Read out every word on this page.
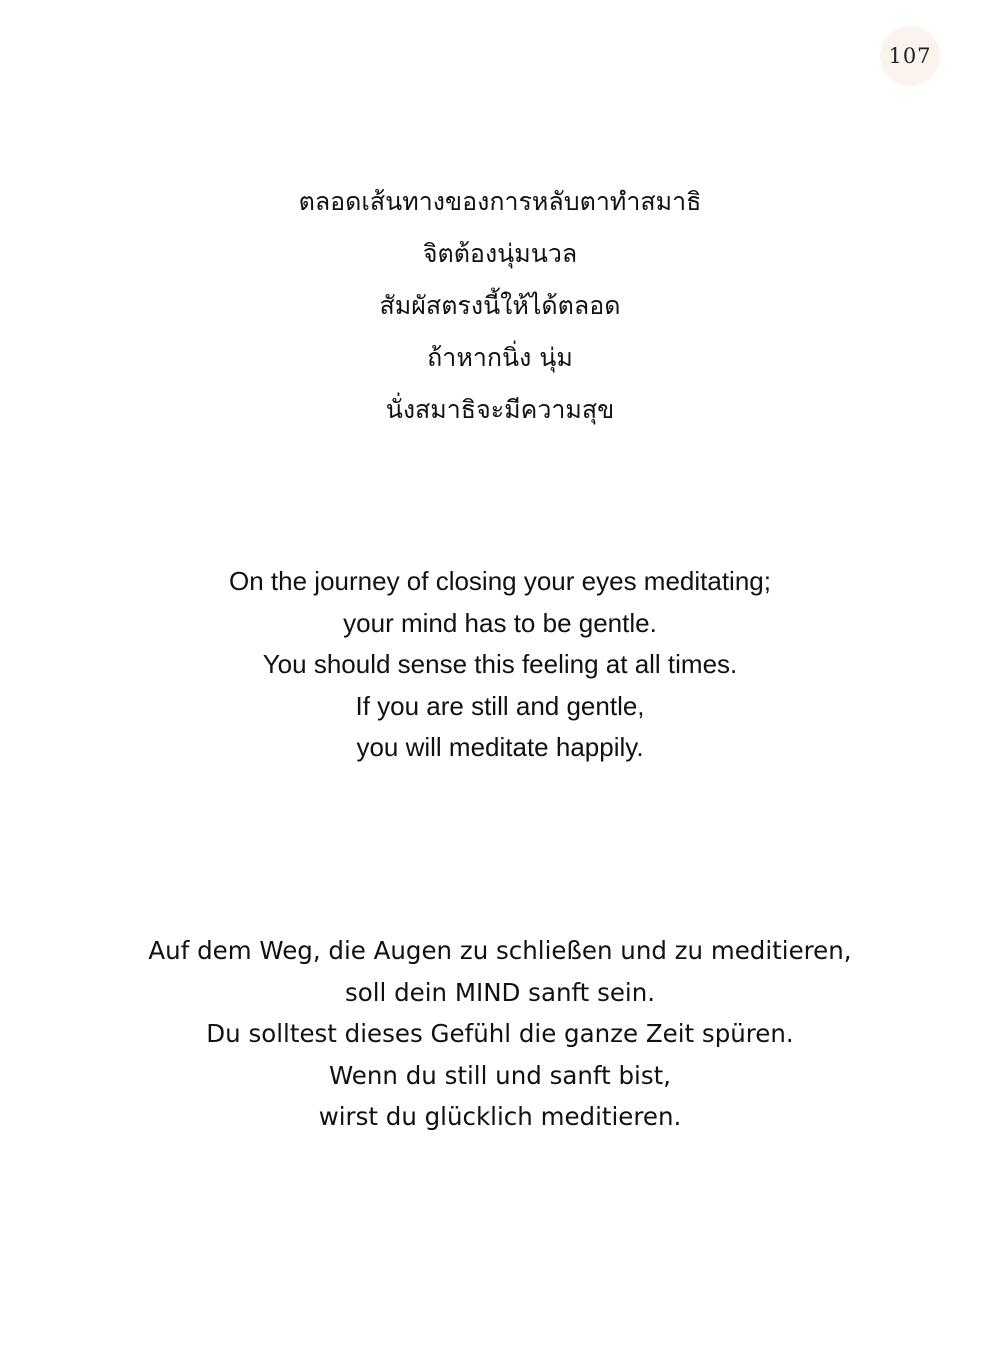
107

ตลอดเส้นทางของการหลับตาทำสมาธิ

จิตต้องนุ่มนวล

สัมผัสตรงนี้ให้ได้ตลอด

ถ้าหากนิ่ง นุ่ม

นั่งสมาธิจะมีความสุข

On the journey of closing your eyes meditating;

your mind has to be gentle.

You should sense this feeling at all times.

If you are still and gentle,

you will meditate happily.

Auf dem Weg, die Augen zu schließen und zu meditieren,

soll dein MIND sanft sein.

Du solltest dieses Gefühl die ganze Zeit spüren.

Wenn du still und sanft bist,

wirst du glücklich meditieren.
